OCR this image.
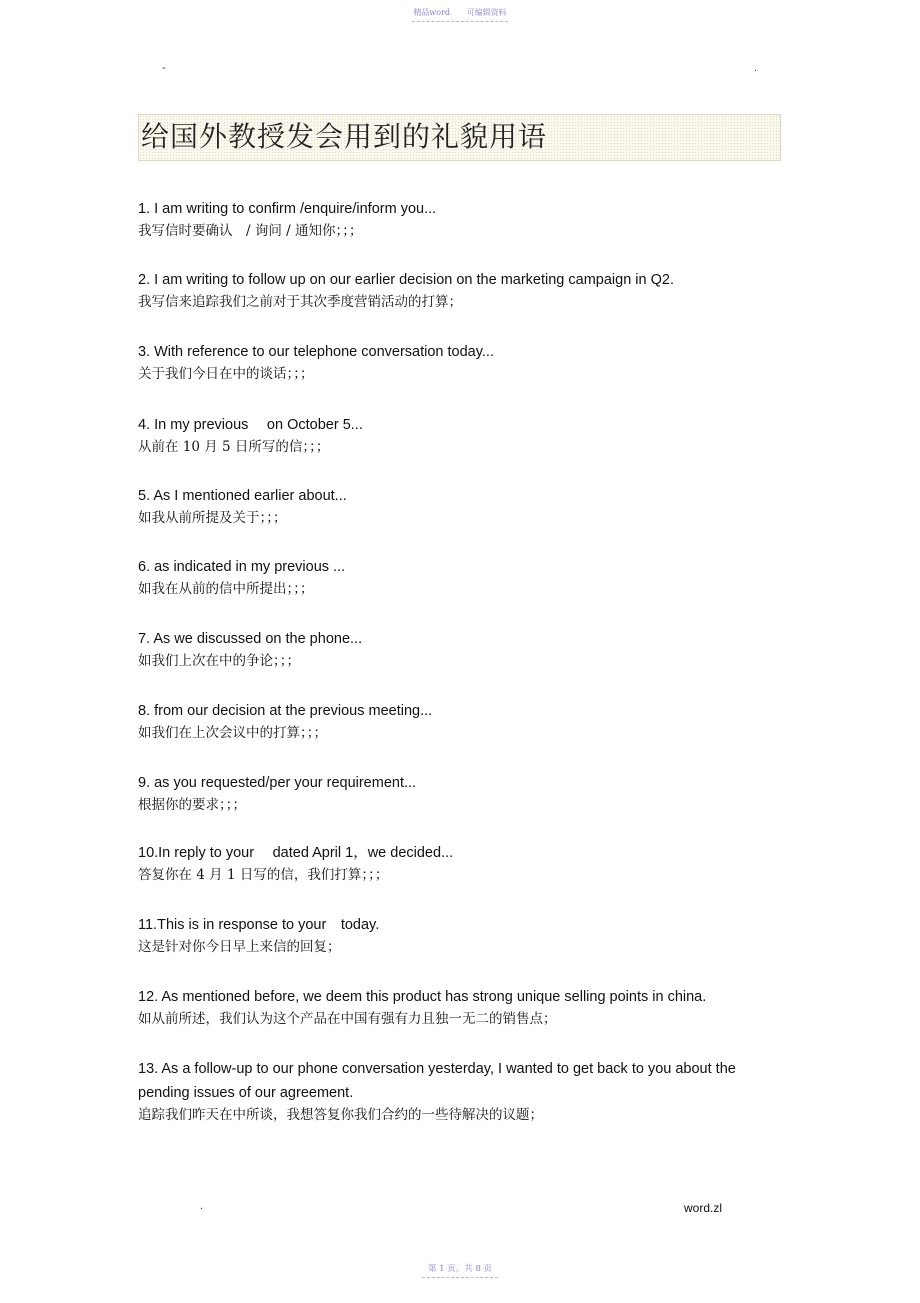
精品word 可编辑资料
-	.
给国外教授发会用到的礼貌用语
1. I am writing to confirm /enquire/inform you...
我写信时要确认　/ 询问 / 通知你；；；
2. I am writing to follow up on our earlier decision on the marketing campaign in Q2.
我写信来追踪我们之前对于其次季度营销活动的打算；
3. With reference to our telephone conversation today...
关于我们今日在中的谈话；；；
4. In my previous　 on October 5...
从前在 10 月 5 日所写的信；；；
5. As I mentioned earlier about...
如我从前所提及关于；；；
6. as indicated in my previous ...
如我在从前的信中所提出；；；
7. As we discussed on the phone...
如我们上次在中的争论；；；
8. from our decision at the previous meeting...
如我们在上次会议中的打算；；；
9. as you requested/per your requirement...
根据你的要求；；；
10.In reply to your　 dated April 1，we decided...
答复你在 4 月 1 日写的信，我们打算；；；
11.This is in response to your　today.
这是针对你今日早上来信的回复；
12. As mentioned before, we deem this product has strong unique selling points in china.
如从前所述，我们认为这个产品在中国有强有力且独一无二的销售点；
13. As a follow-up to our phone conversation yesterday, I wanted to get back to you about the pending issues of our agreement.
追踪我们昨天在中所谈，我想答复你我们合约的一些待解决的议题；
.	word.zl
第 1 页，共 8 页
